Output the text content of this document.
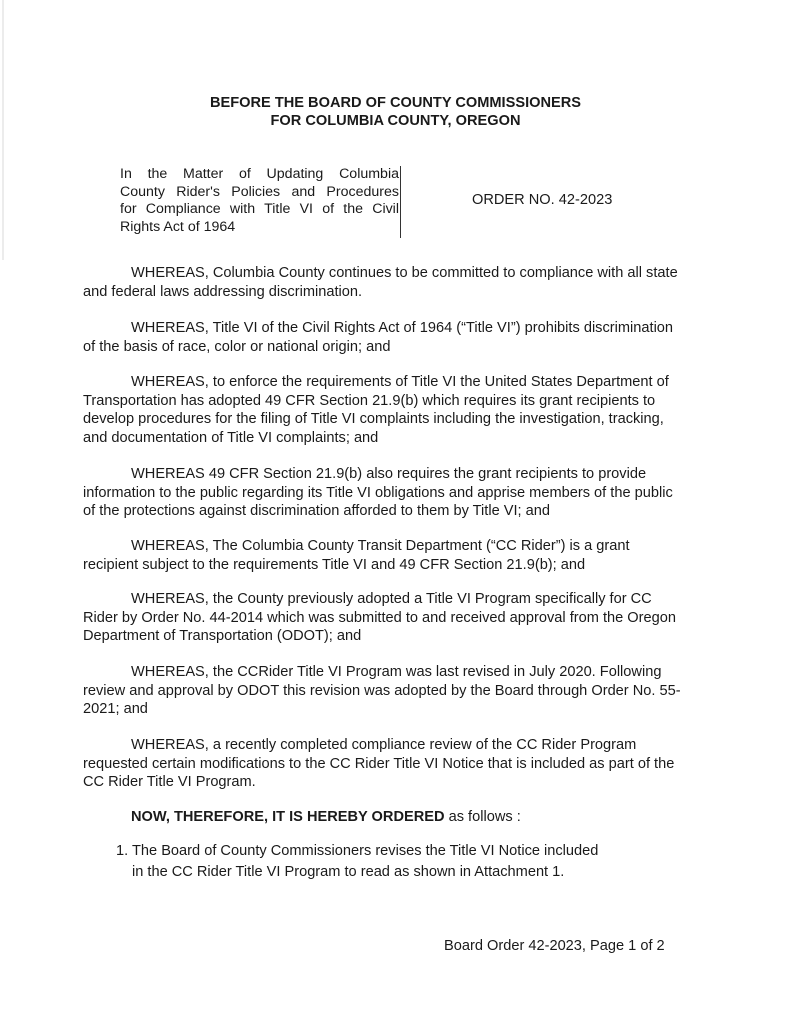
BEFORE THE BOARD OF COUNTY COMMISSIONERS
FOR COLUMBIA COUNTY, OREGON
In the Matter of Updating Columbia
County Rider's Policies and Procedures
for Compliance with Title VI of the Civil
Rights Act of 1964
ORDER NO. 42-2023
WHEREAS, Columbia County continues to be committed to compliance with all state
and federal laws addressing discrimination.
WHEREAS, Title VI of the Civil Rights Act of 1964 (“Title VI”) prohibits discrimination
of the basis of race, color or national origin; and
WHEREAS, to enforce the requirements of Title VI the United States Department of
Transportation has adopted 49 CFR Section 21.9(b) which requires its grant recipients to
develop procedures for the filing of Title VI complaints including the investigation, tracking,
and documentation of Title VI complaints; and
WHEREAS 49 CFR Section 21.9(b) also requires the grant recipients to provide
information to the public regarding its Title VI obligations and apprise members of the public
of the protections against discrimination afforded to them by Title VI; and
WHEREAS, The Columbia County Transit Department (“CC Rider”) is a grant
recipient subject to the requirements Title VI and 49 CFR Section 21.9(b); and
WHEREAS, the County previously adopted a Title VI Program specifically for CC
Rider by Order No. 44-2014 which was submitted to and received approval from the Oregon
Department of Transportation (ODOT); and
WHEREAS, the CCRider Title VI Program was last revised in July 2020. Following
review and approval by ODOT this revision was adopted by the Board through Order No. 55-
2021; and
WHEREAS, a recently completed compliance review of the CC Rider Program
requested certain modifications to the CC Rider Title VI Notice that is included as part of the
CC Rider Title VI Program.
NOW, THEREFORE, IT IS HEREBY ORDERED as follows :
1. The Board of County Commissioners revises the Title VI Notice included
in the CC Rider Title VI Program to read as shown in Attachment 1.
Board Order 42-2023, Page 1 of 2
